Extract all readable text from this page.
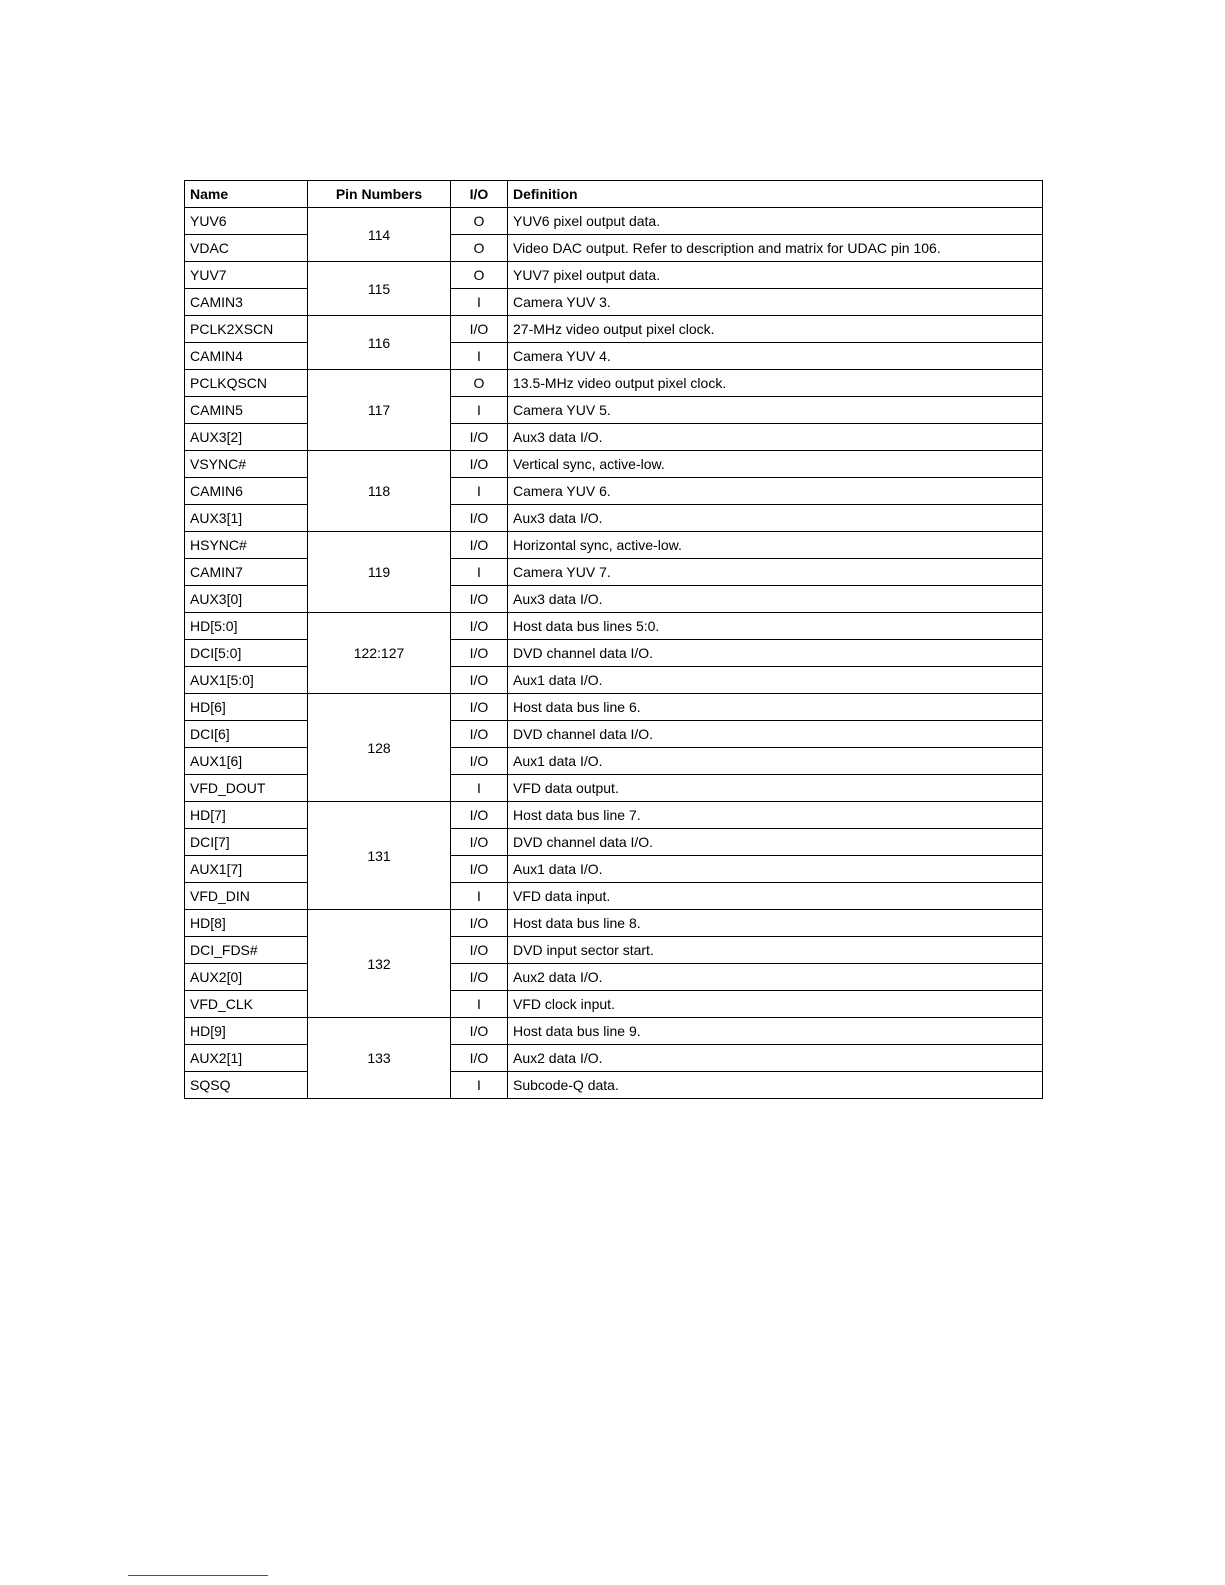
Name	Pin Numbers	I/O	Definition
YUV6	114	O	YUV6 pixel output data.
VDAC		O	Video DAC output. Refer to description and matrix for UDAC pin 106.
YUV7	115	O	YUV7 pixel output data.
CAMIN3		I	Camera YUV 3.
PCLK2XSCN	116	I/O	27-MHz video output pixel clock.
CAMIN4		I	Camera YUV 4.
PCLKQSCN	117	O	13.5-MHz video output pixel clock.
CAMIN5		I	Camera YUV 5.
AUX3[2]		I/O	Aux3 data I/O.
VSYNC#	118	I/O	Vertical sync, active-low.
CAMIN6		I	Camera YUV 6.
AUX3[1]		I/O	Aux3 data I/O.
HSYNC#	119	I/O	Horizontal sync, active-low.
CAMIN7		I	Camera YUV 7.
AUX3[0]		I/O	Aux3 data I/O.
HD[5:0]	122:127	I/O	Host data bus lines 5:0.
DCI[5:0]		I/O	DVD channel data I/O.
AUX1[5:0]		I/O	Aux1 data I/O.
HD[6]	128	I/O	Host data bus line 6.
DCI[6]		I/O	DVD channel data I/O.
AUX1[6]		I/O	Aux1 data I/O.
VFD_DOUT		I	VFD data output.
HD[7]	131	I/O	Host data bus line 7.
DCI[7]		I/O	DVD channel data I/O.
AUX1[7]		I/O	Aux1 data I/O.
VFD_DIN		I	VFD data input.
HD[8]	132	I/O	Host data bus line 8.
DCI_FDS#		I/O	DVD input sector start.
AUX2[0]		I/O	Aux2 data I/O.
VFD_CLK		I	VFD clock input.
HD[9]	133	I/O	Host data bus line 9.
AUX2[1]		I/O	Aux2 data I/O.
SQSQ		I	Subcode-Q data.
